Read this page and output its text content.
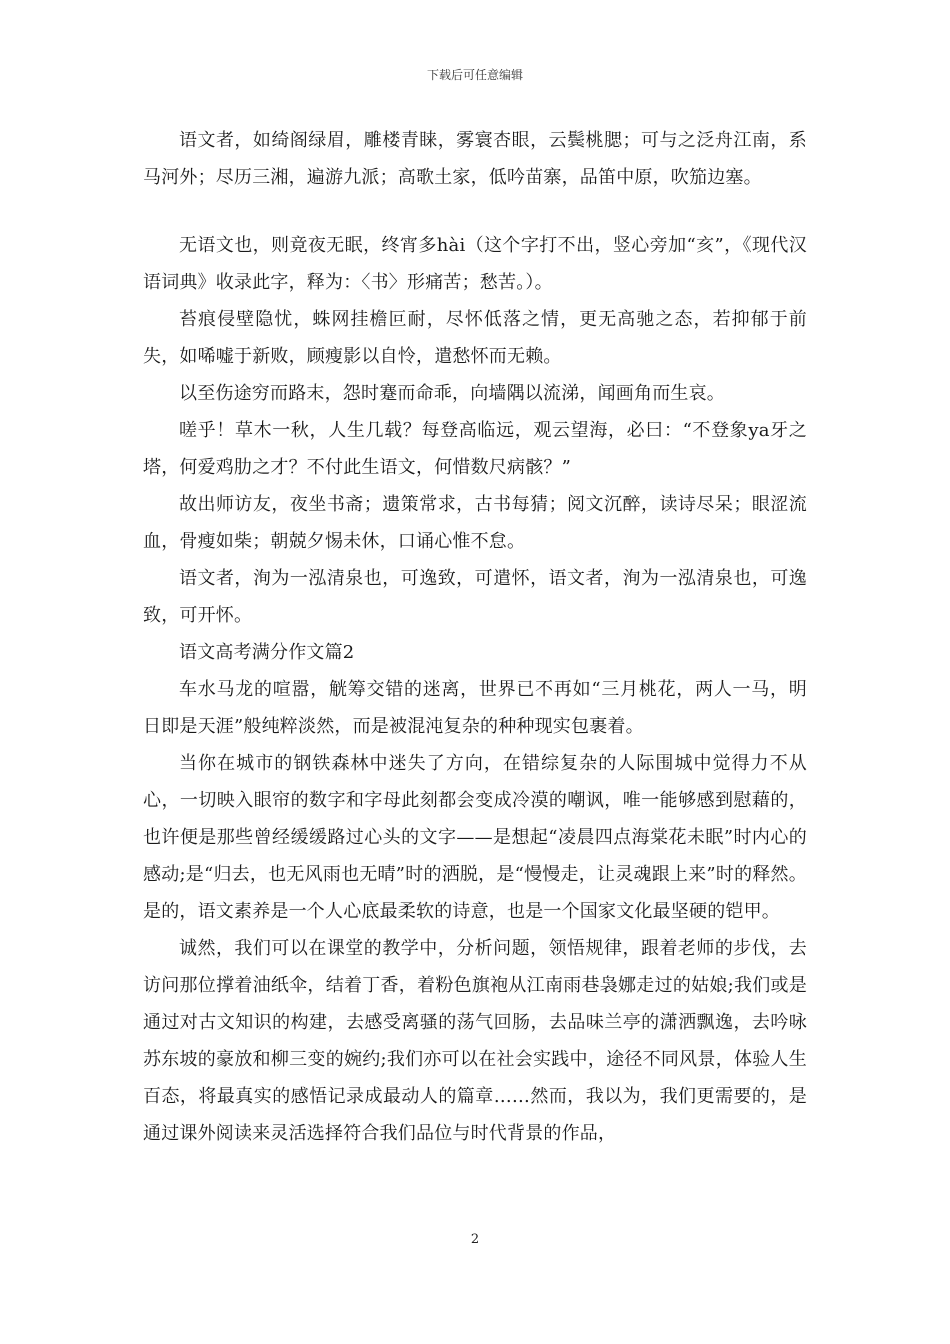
下载后可任意编辑

语文者，如绮阁绿眉，雕楼青睐，雾寰杏眼，云鬓桃腮；可与之泛舟江南，系马河外；尽历三湘，遍游九派；高歌土家，低吟苗寨，品笛中原，吹笳边塞。

无语文也，则竟夜无眠，终宵多hài（这个字打不出，竖心旁加“亥”，《现代汉语词典》收录此字，释为：〈书〉形痛苦；愁苦。）。

苔痕侵壁隐忧，蛛网挂檐叵耐，尽怀低落之情，更无高驰之态，若抑郁于前失，如唏嘘于新败，顾瘦影以自怜，遣愁怀而无赖。

以至伤途穷而路末，怨时蹇而命乖，向墙隅以流涕，闻画角而生哀。

嗟乎！草木一秋，人生几载？每登高临远，观云望海，必曰：“不登象ya牙之塔，何爱鸡肋之才？不付此生语文，何惜数尺病骸？”

故出师访友，夜坐书斋；遗策常求，古书每猜；阅文沉醉，读诗尽呆；眼涩流血，骨瘦如柴；朝兢夕惕未休，口诵心惟不怠。

语文者，洵为一泓清泉也，可逸致，可遣怀，语文者，洵为一泓清泉也，可逸致，可开怀。

语文高考满分作文篇2

车水马龙的喧嚣，觥筹交错的迷离，世界已不再如“三月桃花，两人一马，明日即是天涯”般纯粹淡然，而是被混沌复杂的种种现实包裹着。

当你在城市的钢铁森林中迷失了方向，在错综复杂的人际围城中觉得力不从心，一切映入眼帘的数字和字母此刻都会变成冷漠的嘲讽，唯一能够感到慰藉的，也许便是那些曾经缓缓路过心头的文字——是想起“凌晨四点海棠花未眠”时内心的感动;是“归去，也无风雨也无晴”时的洒脱，是“慢慢走，让灵魂跟上来”时的释然。是的，语文素养是一个人心底最柔软的诗意，也是一个国家文化最坚硬的铠甲。

诚然，我们可以在课堂的教学中，分析问题，领悟规律，跟着老师的步伐，去访问那位撑着油纸伞，结着丁香，着粉色旗袍从江南雨巷袅娜走过的姑娘;我们或是通过对古文知识的构建，去感受离骚的荡气回肠，去品味兰亭的潇洒飘逸，去吟咏苏东坡的豪放和柳三变的婉约;我们亦可以在社会实践中，途径不同风景，体验人生百态，将最真实的感悟记录成最动人的篇章……然而，我以为，我们更需要的，是通过课外阅读来灵活选择符合我们品位与时代背景的作品，

2
